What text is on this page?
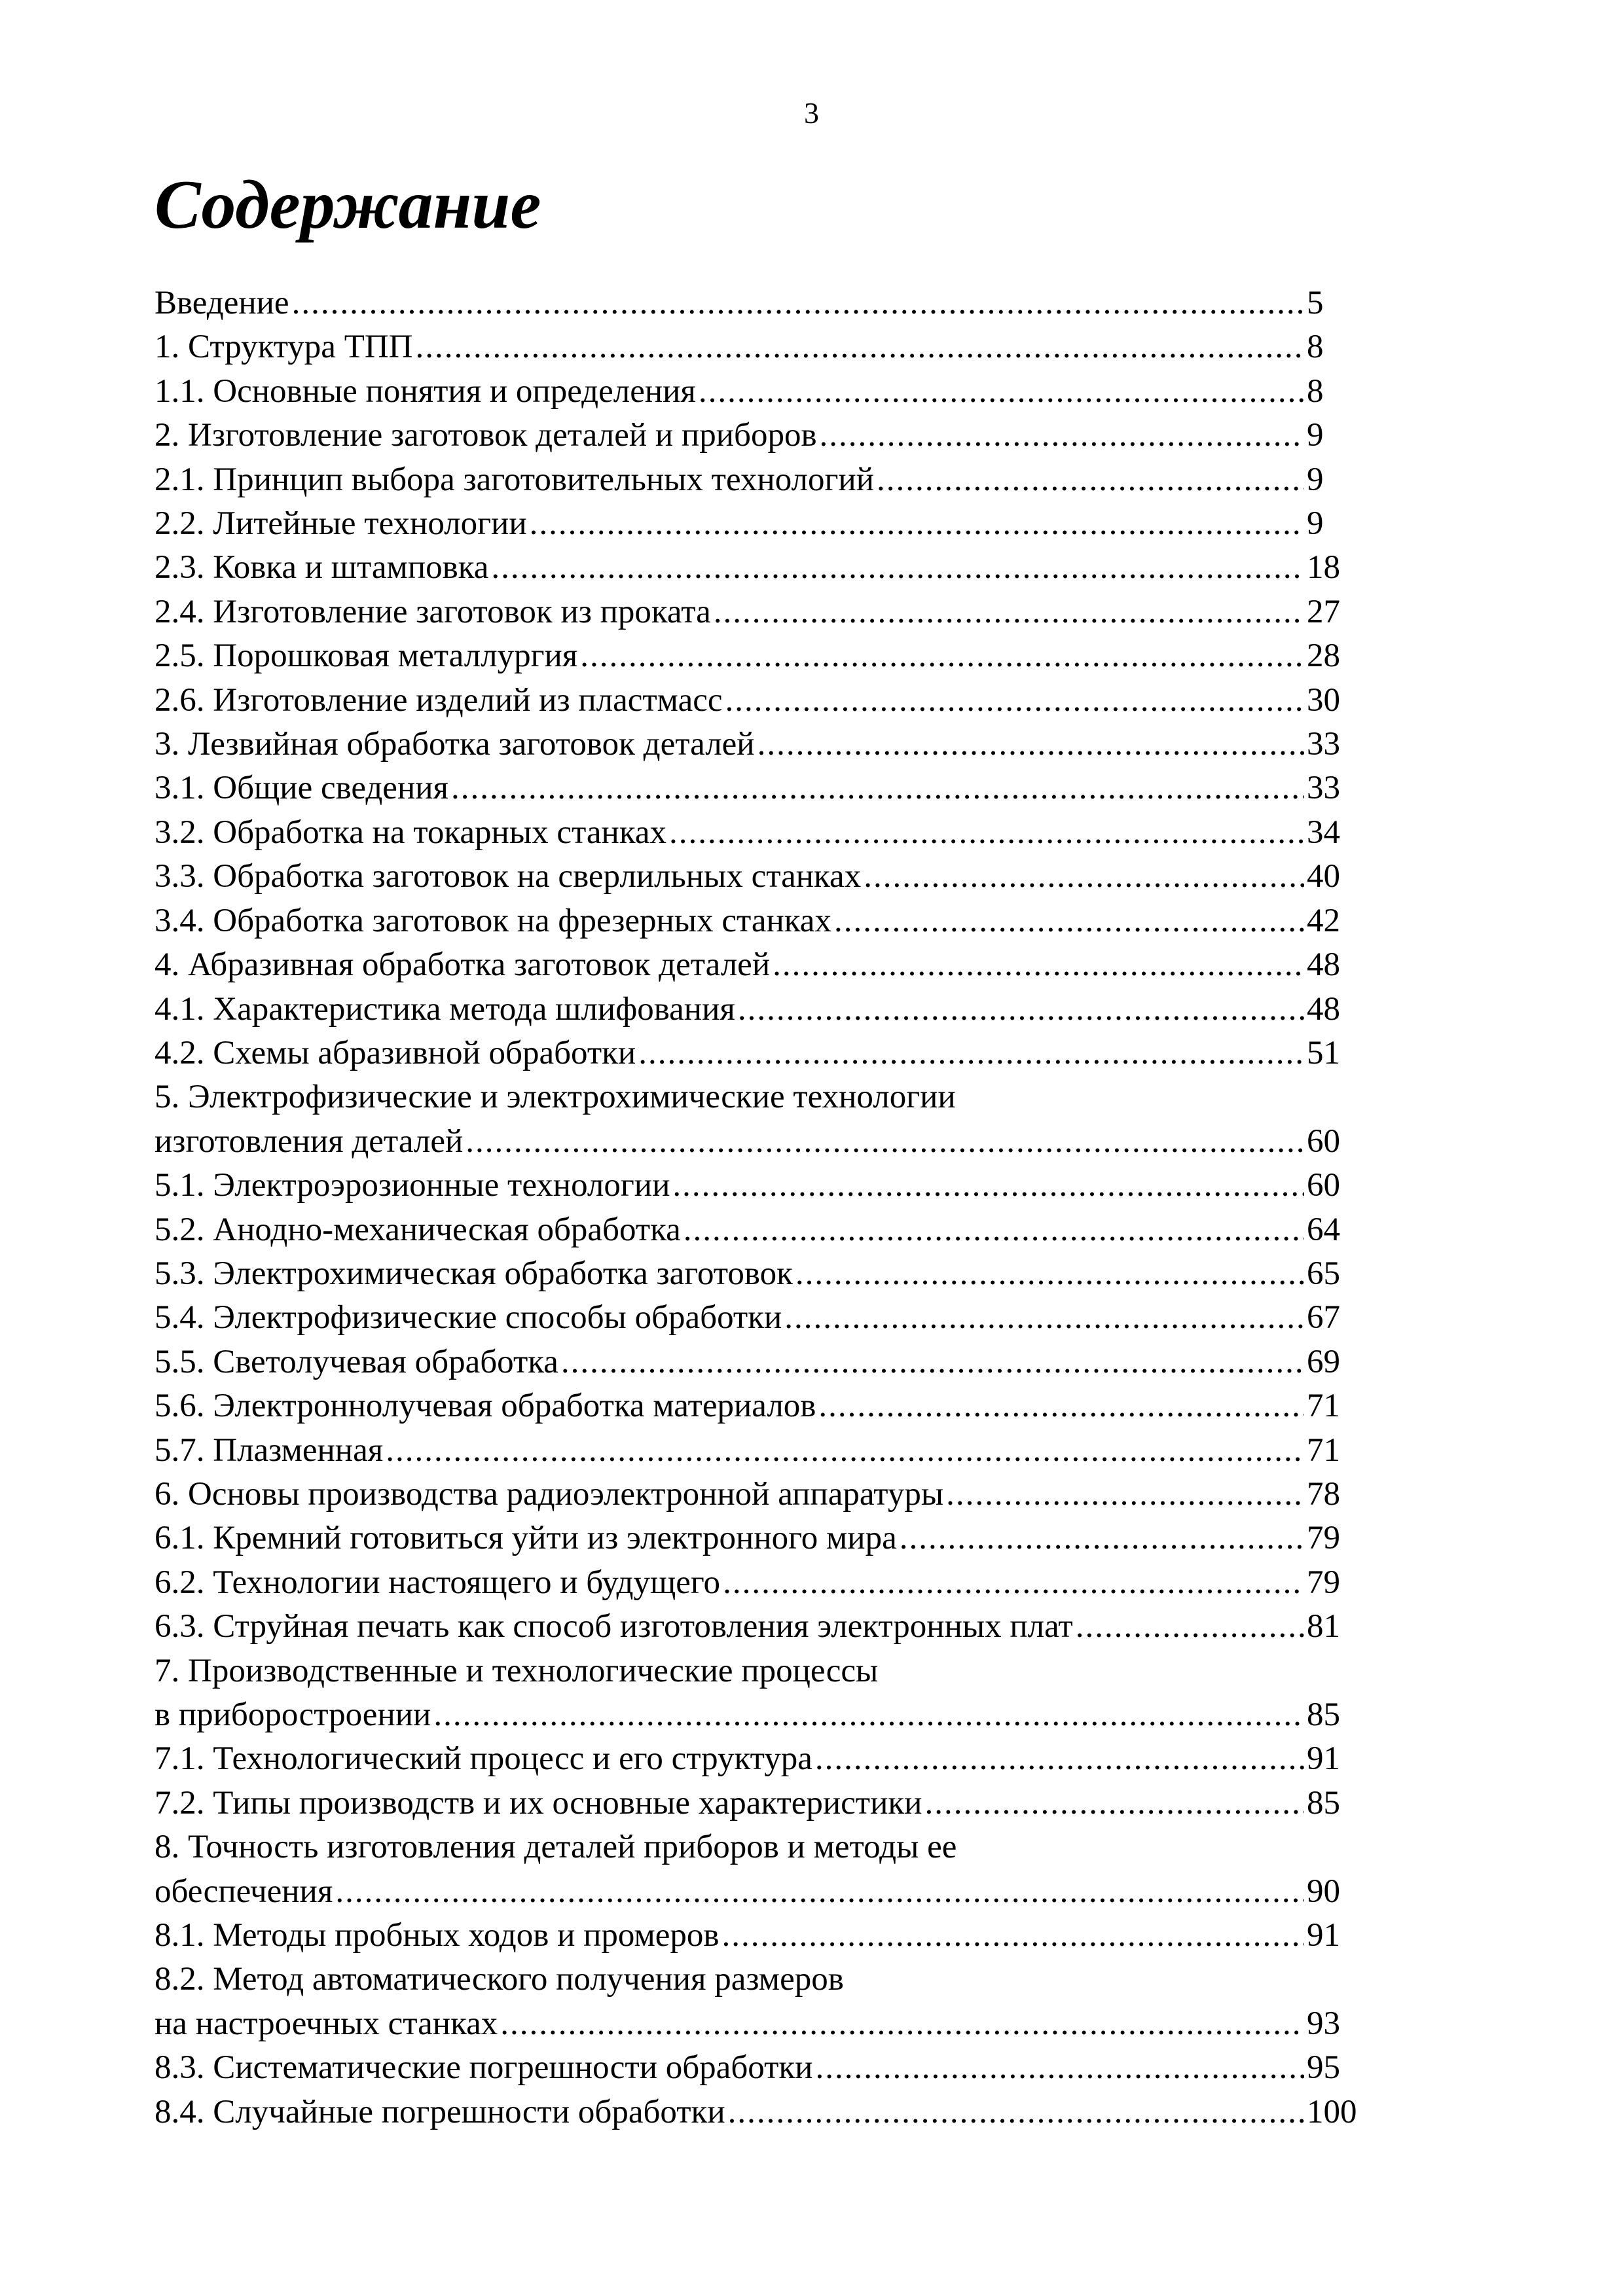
3
Содержание
Введение .....	5
1. Структура ТПП .....	8
1.1. Основные понятия и определения .....	8
2. Изготовление заготовок деталей и приборов .....	9
2.1. Принцип выбора заготовительных технологий .....	9
2.2. Литейные технологии .....	9
2.3. Ковка и штамповка .....	18
2.4. Изготовление заготовок из проката .....	27
2.5. Порошковая металлургия .....	28
2.6. Изготовление изделий из пластмасс .....	30
3. Лезвийная обработка заготовок деталей .....	33
3.1. Общие сведения .....	33
3.2. Обработка на токарных станках .....	34
3.3. Обработка заготовок на сверлильных станках .....	40
3.4. Обработка заготовок на фрезерных станках .....	42
4. Абразивная обработка заготовок деталей .....	48
4.1. Характеристика метода шлифования .....	48
4.2. Схемы абразивной обработки .....	51
5. Электрофизические и электрохимические технологии
изготовления деталей .....	60
5.1. Электроэрозионные технологии .....	60
5.2. Анодно-механическая обработка .....	64
5.3. Электрохимическая обработка заготовок .....	65
5.4. Электрофизические способы обработки .....	67
5.5. Светолучевая обработка .....	69
5.6. Электроннолучевая обработка материалов .....	71
5.7. Плазменная .....	71
6. Основы производства радиоэлектронной аппаратуры .....	78
6.1. Кремний готовиться уйти из электронного мира .....	79
6.2. Технологии настоящего и будущего .....	79
6.3. Струйная печать как способ изготовления электронных плат .....	81
7. Производственные и технологические процессы
в приборостроении .....	85
7.1. Технологический процесс и его структура .....	91
7.2. Типы производств и их основные характеристики .....	85
8. Точность изготовления деталей приборов и методы ее
обеспечения .....	90
8.1. Методы пробных ходов и промеров .....	91
8.2. Метод автоматического получения размеров
на настроечных станках .....	93
8.3. Систематические погрешности обработки .....	95
8.4. Случайные погрешности обработки .....	100
